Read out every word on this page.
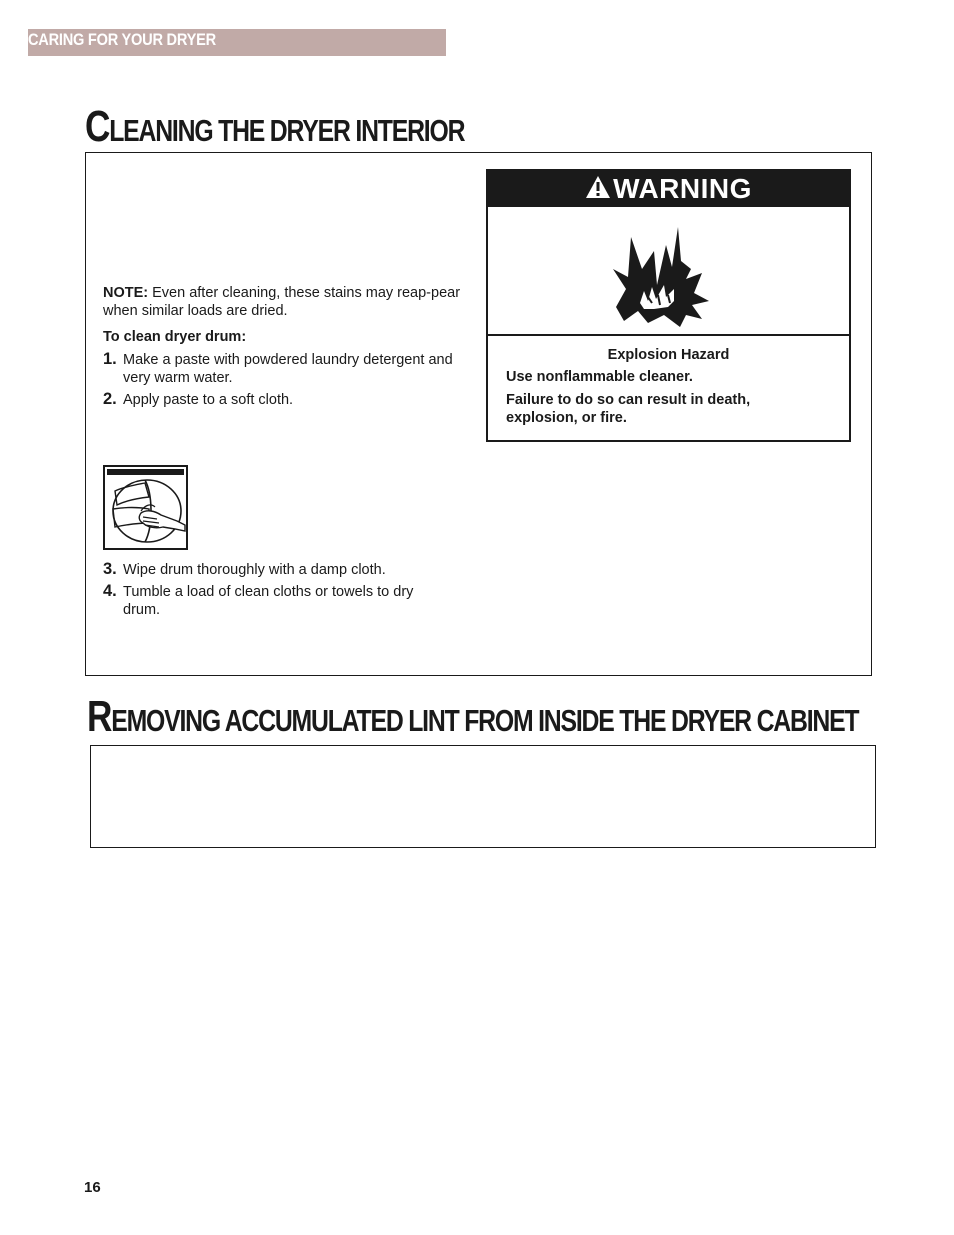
CARING FOR YOUR DRYER
CLEANING THE DRYER INTERIOR
NOTE: Even after cleaning, these stains may reap-pear when similar loads are dried.
To clean dryer drum:
1. Make a paste with powdered laundry detergent and very warm water.
2. Apply paste to a soft cloth.
3. Wipe drum thoroughly with a damp cloth.
4. Tumble a load of clean cloths or towels to dry drum.
WARNING
Explosion Hazard
Use nonflammable cleaner.
Failure to do so can result in death, explosion, or fire.
REMOVING ACCUMULATED LINT FROM INSIDE THE DRYER CABINET
16
